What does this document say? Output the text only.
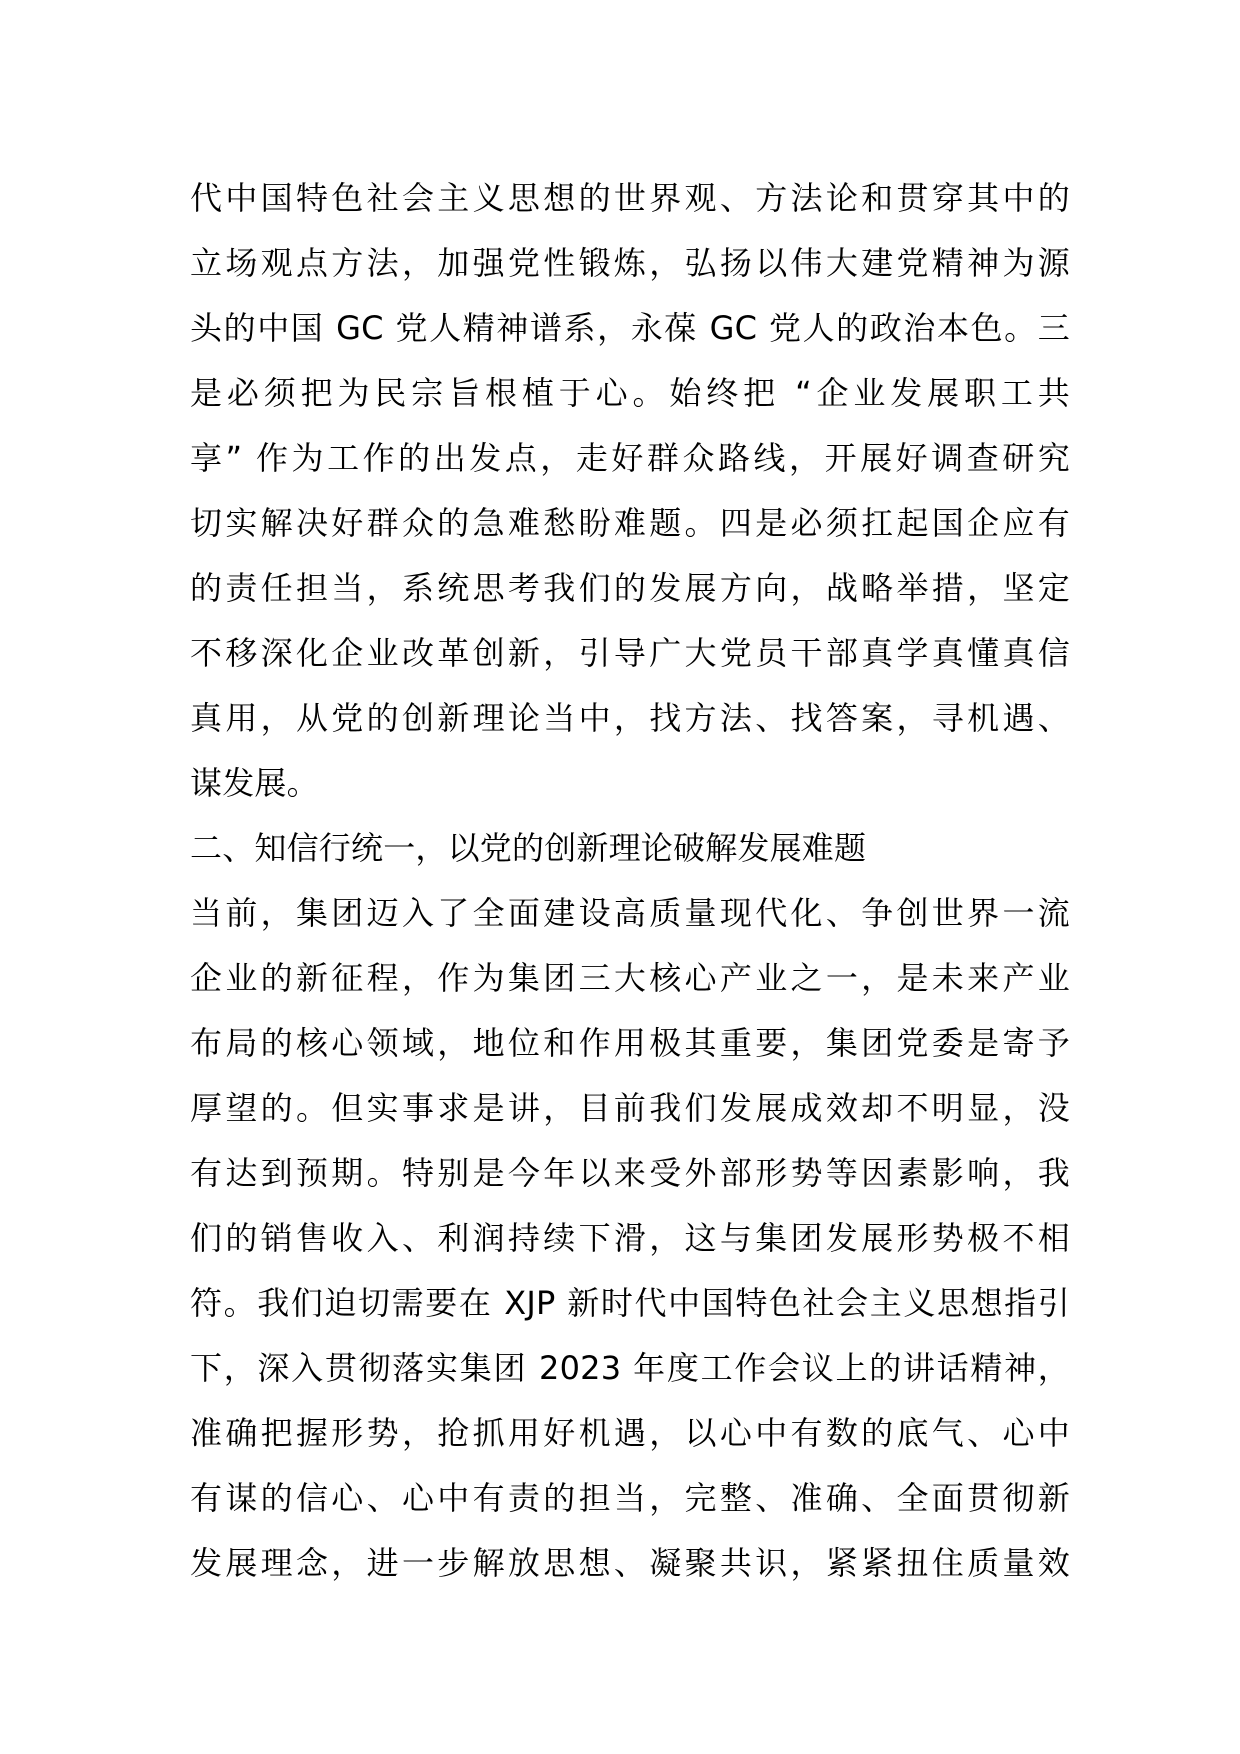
代中国特色社会主义思想的世界观、方法论和贯穿其中的
立场观点方法，加强党性锻炼，弘扬以伟大建党精神为源
头的中国 GC 党人精神谱系，永葆 GC 党人的政治本色。三
是必须把为民宗旨根植于心。始终把 “企业发展职工共
享” 作为工作的出发点，走好群众路线，开展好调查研究
切实解决好群众的急难愁盼难题。四是必须扛起国企应有
的责任担当，系统思考我们的发展方向，战略举措，坚定
不移深化企业改革创新，引导广大党员干部真学真懂真信
真用，从党的创新理论当中，找方法、找答案，寻机遇、
谋发展。
二、知信行统一，以党的创新理论破解发展难题
当前，集团迈入了全面建设高质量现代化、争创世界一流
企业的新征程，作为集团三大核心产业之一，是未来产业
布局的核心领域，地位和作用极其重要，集团党委是寄予
厚望的。但实事求是讲，目前我们发展成效却不明显，没
有达到预期。特别是今年以来受外部形势等因素影响，我
们的销售收入、利润持续下滑，这与集团发展形势极不相
符。我们迫切需要在 XJP 新时代中国特色社会主义思想指引
下，深入贯彻落实集团 2023 年度工作会议上的讲话精神，
准确把握形势，抢抓用好机遇，以心中有数的底气、心中
有谋的信心、心中有责的担当，完整、准确、全面贯彻新
发展理念，进一步解放思想、凝聚共识，紧紧扭住质量效
